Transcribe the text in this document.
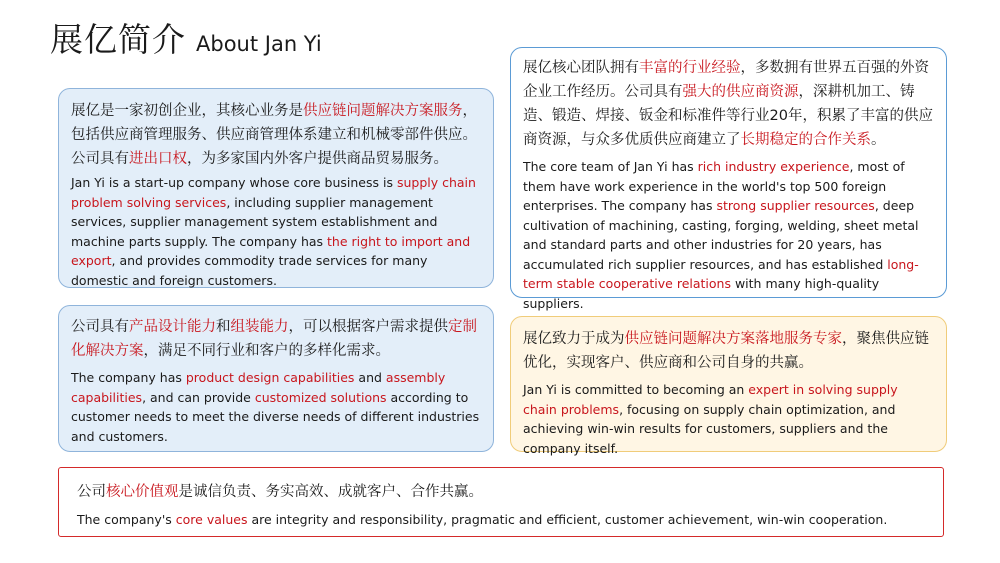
展亿简介 About Jan Yi

展亿是一家初创企业，其核心业务是供应链问题解决方案服务，包括供应商管理服务、供应商管理体系建立和机械零部件供应。公司具有进出口权，为多家国内外客户提供商品贸易服务。

Jan Yi is a start-up company whose core business is supply chain problem solving services, including supplier management services, supplier management system establishment and machine parts supply. The company has the right to import and export, and provides commodity trade services for many domestic and foreign customers.

展亿核心团队拥有丰富的行业经验，多数拥有世界五百强的外资企业工作经历。公司具有强大的供应商资源，深耕机加工、铸造、锻造、焊接、钣金和标准件等行业20年，积累了丰富的供应商资源，与众多优质供应商建立了长期稳定的合作关系。

The core team of Jan Yi has rich industry experience, most of them have work experience in the world's top 500 foreign enterprises. The company has strong supplier resources, deep cultivation of machining, casting, forging, welding, sheet metal and standard parts and other industries for 20 years, has accumulated rich supplier resources, and has established long-term stable cooperative relations with many high-quality suppliers.

公司具有产品设计能力和组装能力，可以根据客户需求提供定制化解决方案，满足不同行业和客户的多样化需求。

The company has product design capabilities and assembly capabilities, and can provide customized solutions according to customer needs to meet the diverse needs of different industries and customers.

展亿致力于成为供应链问题解决方案落地服务专家，聚焦供应链优化，实现客户、供应商和公司自身的共赢。

Jan Yi is committed to becoming an expert in solving supply chain problems, focusing on supply chain optimization, and achieving win-win results for customers, suppliers and the company itself.

公司核心价值观是诚信负责、务实高效、成就客户、合作共赢。

The company's core values are integrity and responsibility, pragmatic and efficient, customer achievement, win-win cooperation.
